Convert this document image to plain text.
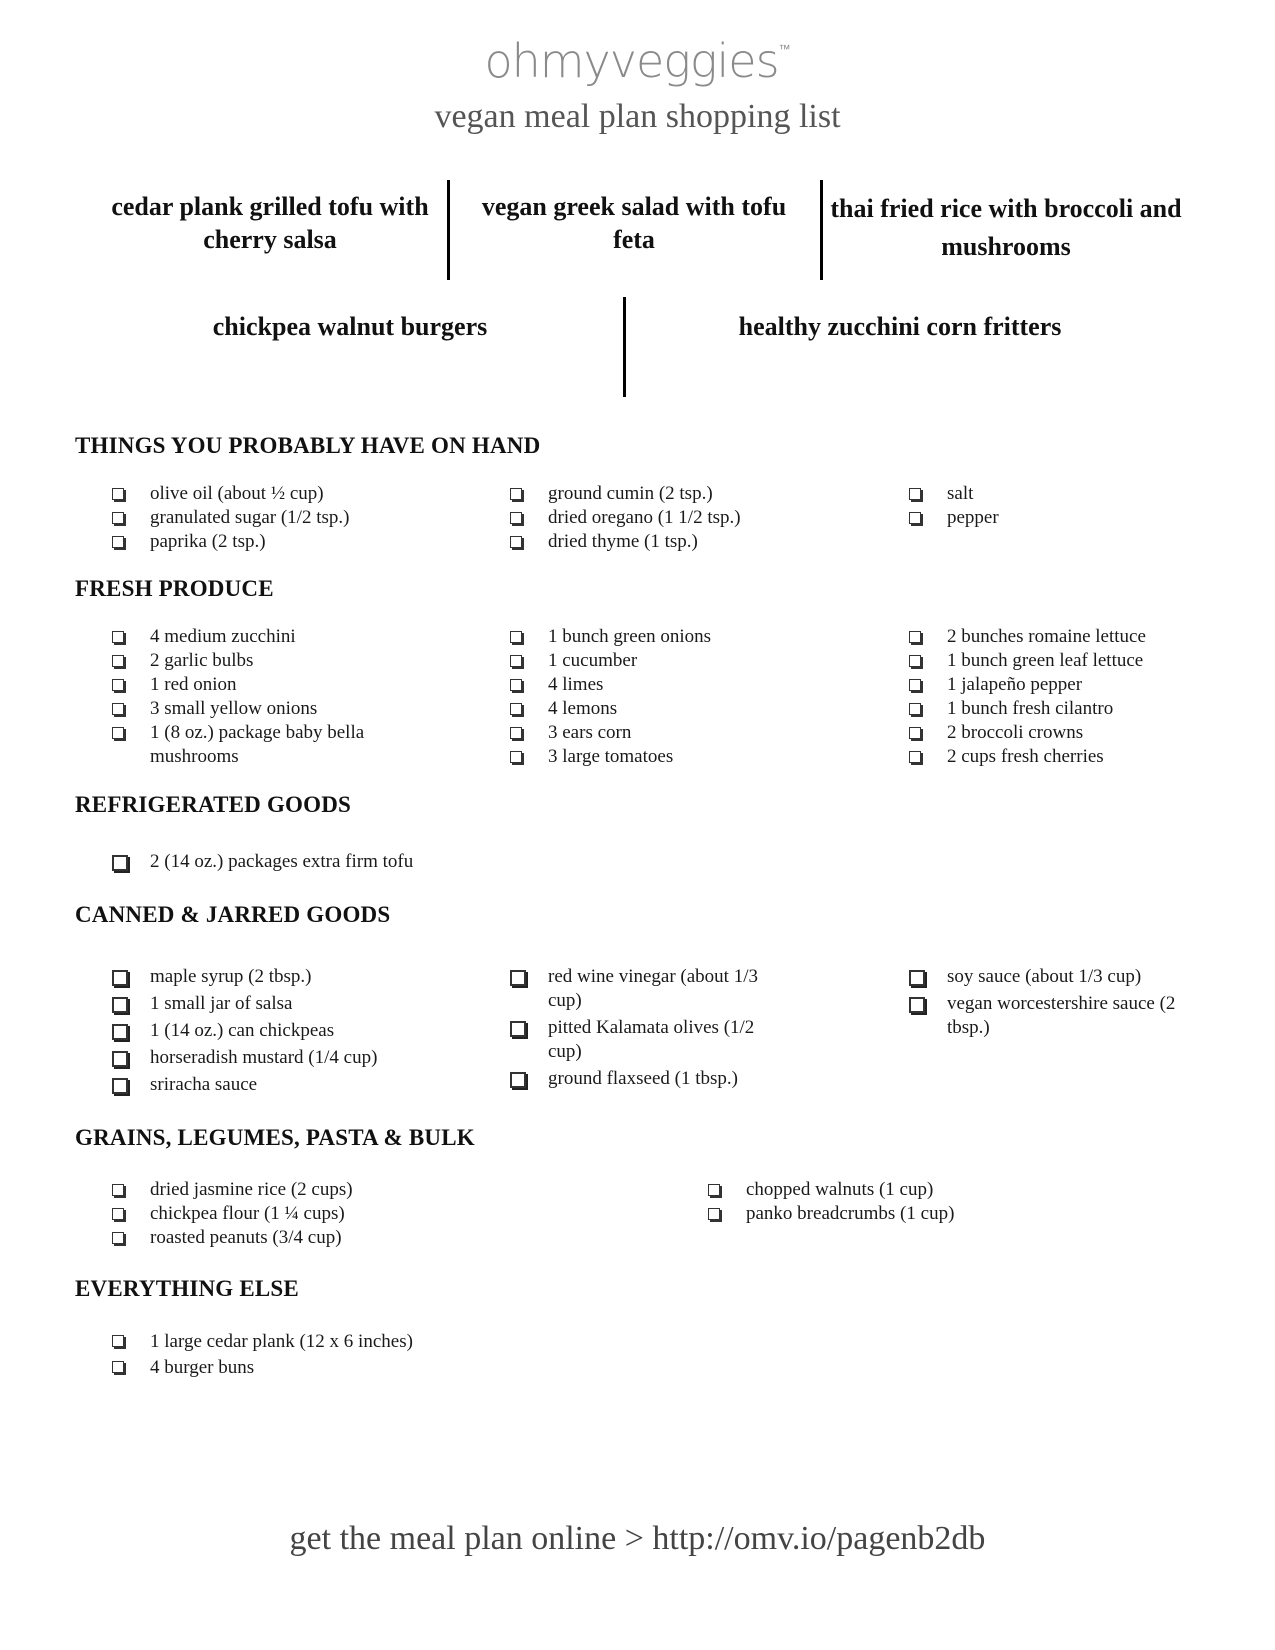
ohmyveggies™
vegan meal plan shopping list
cedar plank grilled tofu with cherry salsa
vegan greek salad with tofu feta
thai fried rice with broccoli and mushrooms
chickpea walnut burgers	healthy zucchini corn fritters
THINGS YOU PROBABLY HAVE ON HAND
olive oil (about ½ cup)
granulated sugar (1/2 tsp.)
paprika (2 tsp.)
ground cumin (2 tsp.)
dried oregano (1 1/2 tsp.)
dried thyme (1 tsp.)
salt
pepper
FRESH PRODUCE
4 medium zucchini
2 garlic bulbs
1 red onion
3 small yellow onions
1 (8 oz.) package baby bella mushrooms
1 bunch green onions
1 cucumber
4 limes
4 lemons
3 ears corn
3 large tomatoes
2 bunches romaine lettuce
1 bunch green leaf lettuce
1 jalapeño pepper
1 bunch fresh cilantro
2 broccoli crowns
2 cups fresh cherries
REFRIGERATED GOODS
2 (14 oz.) packages extra firm tofu
CANNED & JARRED GOODS
maple syrup (2 tbsp.)
1 small jar of salsa
1 (14 oz.) can chickpeas
horseradish mustard (1/4 cup)
sriracha sauce
red wine vinegar (about 1/3 cup)
pitted Kalamata olives (1/2 cup)
ground flaxseed (1 tbsp.)
soy sauce (about 1/3 cup)
vegan worcestershire sauce (2 tbsp.)
GRAINS, LEGUMES, PASTA & BULK
dried jasmine rice (2 cups)
chickpea flour (1 ¼ cups)
roasted peanuts (3/4 cup)
chopped walnuts (1 cup)
panko breadcrumbs (1 cup)
EVERYTHING ELSE
1 large cedar plank (12 x 6 inches)
4 burger buns
get the meal plan online > http://omv.io/pagenb2db
